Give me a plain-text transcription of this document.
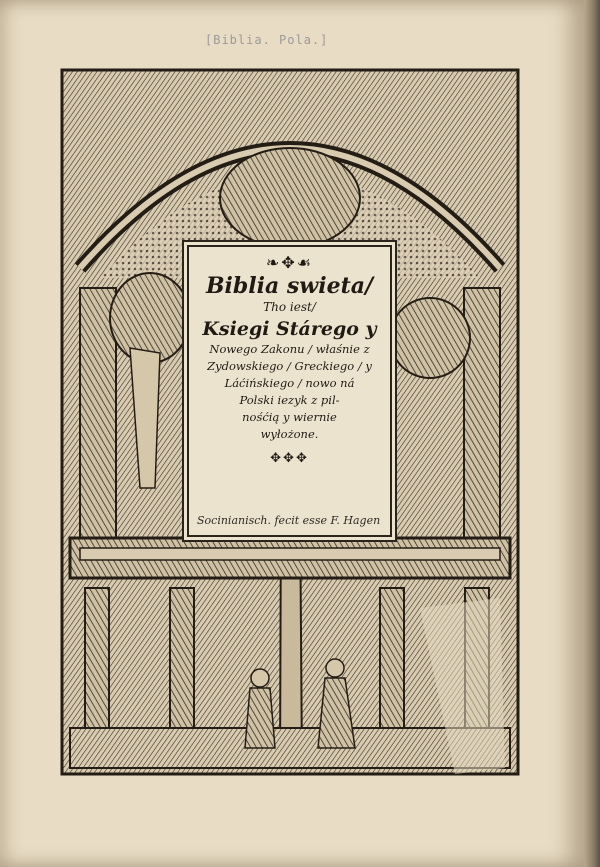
[Biblia. Pola.]
❧✥☙
Biblia swieta/
Tho iest/
Ksiegi Stárego y
Nowego Zakonu / właśnie z
Zydowskiego / Greckiego / y
Láćińskiego / nowo ná
Polski iezyk z pil-
nośćią y wiernie
wyłożone.
✥✥✥
Socinianisch. fecit esse F. Hagen
